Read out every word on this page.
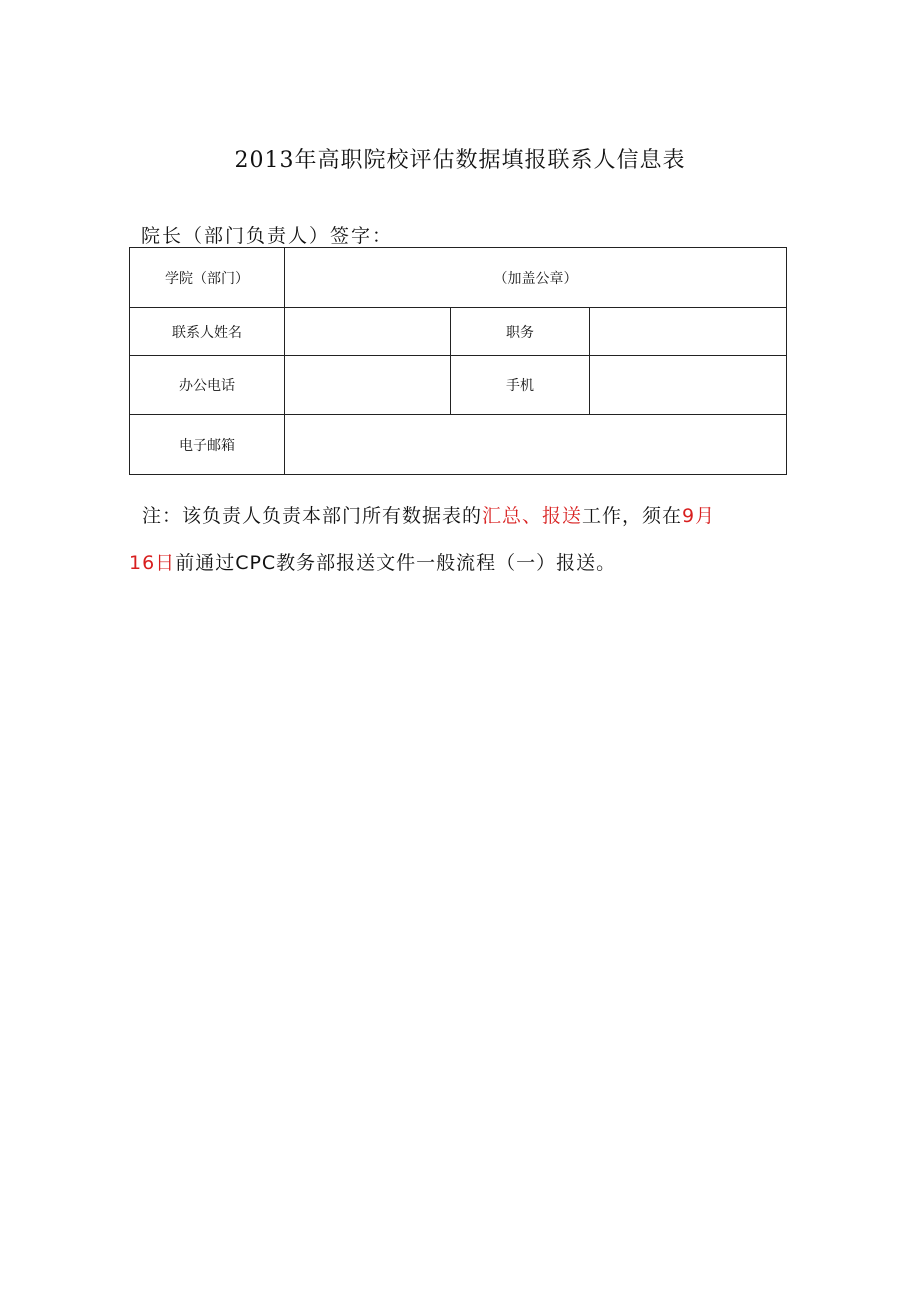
2013年高职院校评估数据填报联系人信息表
院长（部门负责人）签字：
学院（部门）	（加盖公章）		
联系人姓名		职务	
办公电话		手机	
电子邮箱			
注：该负责人负责本部门所有数据表的汇总、报送工作，须在9月
16日前通过CPC教务部报送文件一般流程（一）报送。
